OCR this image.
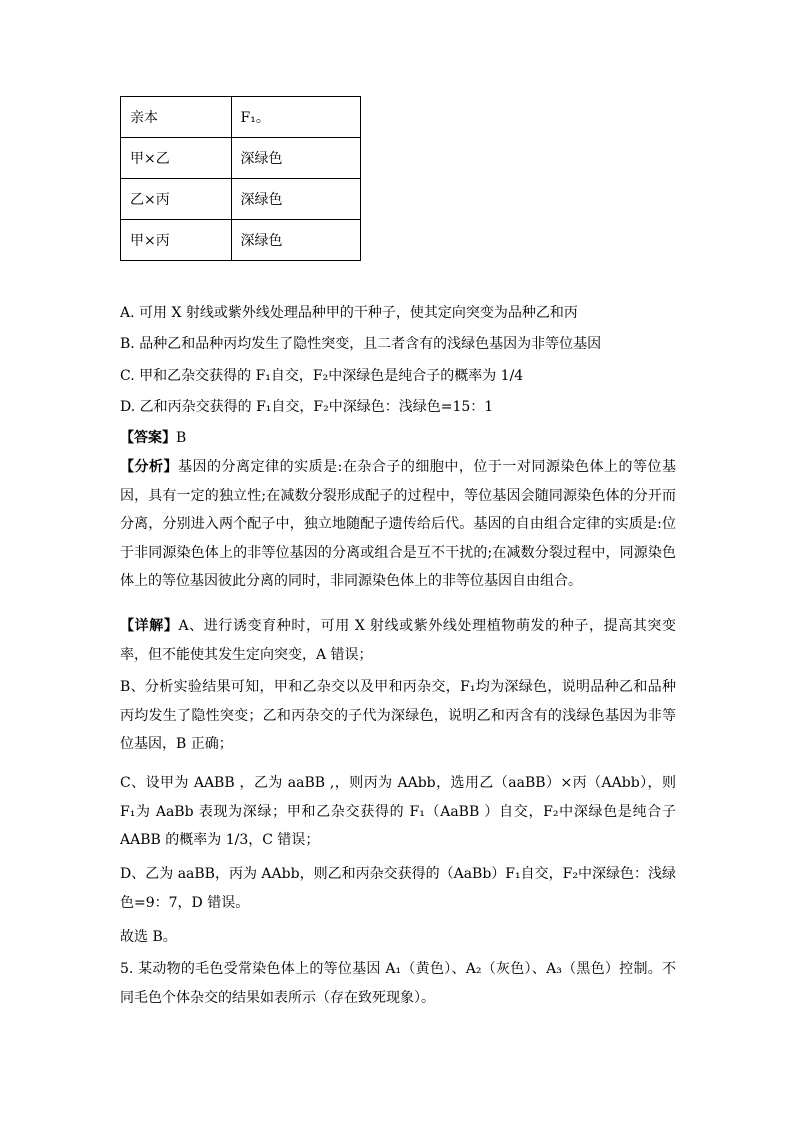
亲本	F₁。
甲×乙	深绿色
乙×丙	深绿色
甲×丙	深绿色
A. 可用 X 射线或紫外线处理品种甲的干种子，使其定向突变为品种乙和丙
B. 品种乙和品种丙均发生了隐性突变，且二者含有的浅绿色基因为非等位基因
C. 甲和乙杂交获得的 F₁自交，F₂中深绿色是纯合子的概率为 1/4
D. 乙和丙杂交获得的 F₁自交，F₂中深绿色：浅绿色=15：1
【答案】B
【分析】基因的分离定律的实质是:在杂合子的细胞中，位于一对同源染色体上的等位基因，具有一定的独立性;在减数分裂形成配子的过程中，等位基因会随同源染色体的分开而分离，分别进入两个配子中，独立地随配子遗传给后代。基因的自由组合定律的实质是:位于非同源染色体上的非等位基因的分离或组合是互不干扰的;在减数分裂过程中，同源染色体上的等位基因彼此分离的同时，非同源染色体上的非等位基因自由组合。
【详解】A、进行诱变育种时，可用 X 射线或紫外线处理植物萌发的种子，提高其突变率，但不能使其发生定向突变，A 错误；
B、分析实验结果可知，甲和乙杂交以及甲和丙杂交，F₁均为深绿色，说明品种乙和品种丙均发生了隐性突变；乙和丙杂交的子代为深绿色，说明乙和丙含有的浅绿色基因为非等位基因，B 正确；
C、设甲为 AABB ，乙为 aaBB ,，则丙为 AAbb，选用乙（aaBB）×丙（AAbb），则 F₁为 AaBb 表现为深绿；甲和乙杂交获得的 F₁（AaBB ）自交，F₂中深绿色是纯合子 AABB 的概率为 1/3，C 错误；
D、乙为 aaBB，丙为 AAbb，则乙和丙杂交获得的（AaBb）F₁自交，F₂中深绿色：浅绿色=9：7，D 错误。
故选 B。
5. 某动物的毛色受常染色体上的等位基因 A₁（黄色）、A₂（灰色）、A₃（黑色）控制。不同毛色个体杂交的结果如表所示（存在致死现象）。
